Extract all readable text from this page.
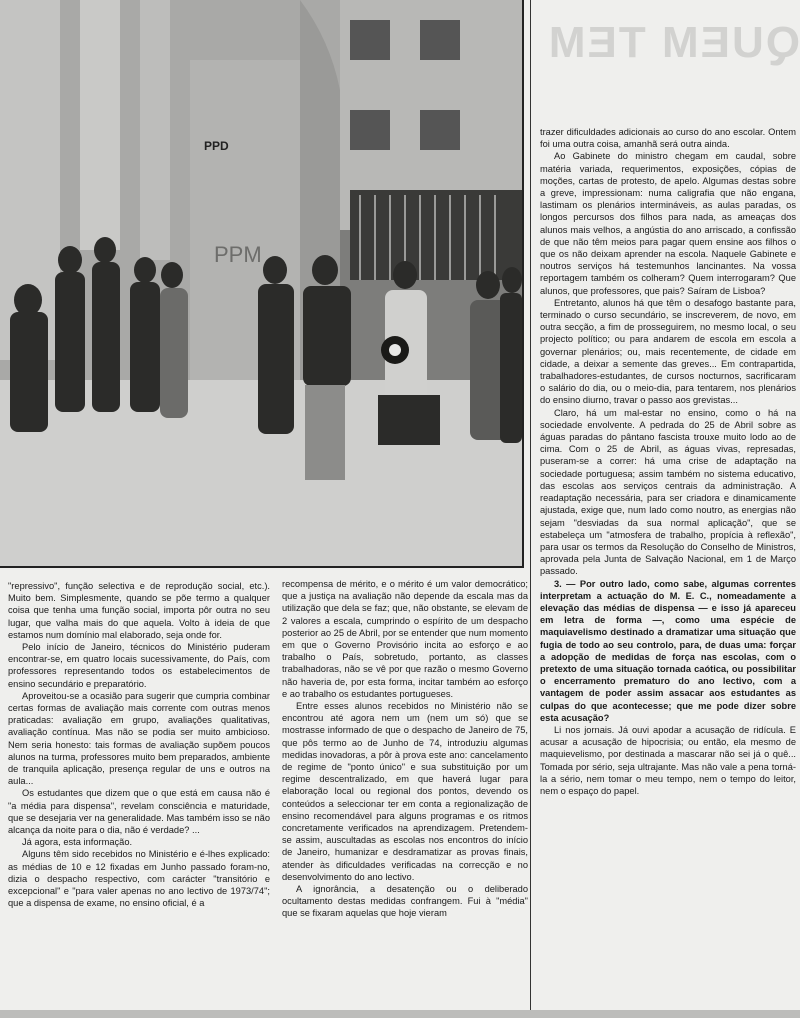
PPD
PPM
QUEM TEM

"repressivo", função selectiva e de reprodução social, etc.). Muito bem. Simplesmente, quando se põe termo a qualquer coisa que tenha uma função social, importa pôr outra no seu lugar, que valha mais do que aquela. Volto à ideia de que estamos num domínio mal elaborado, seja onde for.

Pelo início de Janeiro, técnicos do Ministério puderam encontrar-se, em quatro locais sucessivamente, do País, com professores representando todos os estabelecimentos de ensino secundário e preparatório.

Aproveitou-se a ocasião para sugerir que cumpria combinar certas formas de avaliação mais corrente com outras menos praticadas: avaliação em grupo, avaliações qualitativas, avaliação contínua. Mas não se podia ser muito ambicioso. Nem seria honesto: tais formas de avaliação supõem poucos alunos na turma, professores muito bem preparados, ambiente de tranquila aplicação, presença regular de uns e outros na aula...

Os estudantes que dizem que o que está em causa não é "a média para dispensa", revelam consciência e maturidade, que se desejaria ver na generalidade. Mas também isso se não alcança da noite para o dia, não é verdade? ...

Já agora, esta informação.

Alguns têm sido recebidos no Ministério e é-lhes explicado: as médias de 10 e 12 fixadas em Junho passado foram-no, dizia o despacho respectivo, com carácter "transitório e excepcional" e "para valer apenas no ano lectivo de 1973/74"; que a dispensa de exame, no ensino oficial, é a

recompensa de mérito, e o mérito é um valor democrático; que a justiça na avaliação não depende da escala mas da utilização que dela se faz; que, não obstante, se elevam de 2 valores a escala, cumprindo o espírito de um despacho posterior ao 25 de Abril, por se entender que num momento em que o Governo Provisório incita ao esforço e ao trabalho o País, sobretudo, portanto, as classes trabalhadoras, não se vê por que razão o mesmo Governo não haveria de, por esta forma, incitar também ao esforço e ao trabalho os estudantes portugueses.

Entre esses alunos recebidos no Ministério não se encontrou até agora nem um (nem um só) que se mostrasse informado de que o despacho de Janeiro de 75, que pôs termo ao de Junho de 74, introduziu algumas medidas inovadoras, a pôr à prova este ano: cancelamento de regime de "ponto único" e sua substituição por um regime descentralizado, em que haverá lugar para elaboração local ou regional dos pontos, devendo os conteúdos a seleccionar ter em conta a regionalização de ensino recomendável para alguns programas e os ritmos concretamente verificados na aprendizagem. Pretendem-se assim, auscultadas as escolas nos encontros do início de Janeiro, humanizar e desdramatizar as provas finais, atender às dificuldades verificadas na correcção e no desenvolvimento do ano lectivo.

A ignorância, a desatenção ou o deliberado ocultamento destas medidas confrangem. Fui à "média" que se fixaram aquelas que hoje vieram

trazer dificuldades adicionais ao curso do ano escolar. Ontem foi uma outra coisa, amanhã será outra ainda.

Ao Gabinete do ministro chegam em caudal, sobre matéria variada, requerimentos, exposições, cópias de moções, cartas de protesto, de apelo. Algumas destas sobre a greve, impressionam: numa caligrafia que não engana, lastimam os plenários intermináveis, as aulas paradas, os longos percursos dos filhos para nada, as ameaças dos alunos mais velhos, a angústia do ano arriscado, a confissão de que não têm meios para pagar quem ensine aos filhos o que os não deixam aprender na escola. Naquele Gabinete e noutros serviços há testemunhos lancinantes. Na vossa reportagem também os colheram? Quem interrogaram? Que alunos, que professores, que pais? Saíram de Lisboa?

Entretanto, alunos há que têm o desafogo bastante para, terminado o curso secundário, se inscreverem, de novo, em outra secção, a fim de prosseguirem, no mesmo local, o seu projecto político; ou para andarem de escola em escola a governar plenários; ou, mais recentemente, de cidade em cidade, a deixar a semente das greves... Em contrapartida, trabalhadores-estudantes, de cursos nocturnos, sacrificaram o salário do dia, ou o meio-dia, para tentarem, nos plenários do ensino diurno, travar o passo aos grevistas...

Claro, há um mal-estar no ensino, como o há na sociedade envolvente. A pedrada do 25 de Abril sobre as águas paradas do pântano fascista trouxe muito lodo ao de cima. Com o 25 de Abril, as águas vivas, represadas, puseram-se a correr: há uma crise de adaptação na sociedade portuguesa; assim também no sistema educativo, das escolas aos serviços centrais da administração. A readaptação necessária, para ser criadora e dinamicamente ajustada, exige que, num lado como noutro, as energias não sejam "desviadas da sua normal aplicação", que se estabeleça um "atmosfera de trabalho, propícia à reflexão", para usar os termos da Resolução do Conselho de Ministros, aprovada pela Junta de Salvação Nacional, em 1 de Março passado.

3. — Por outro lado, como sabe, algumas correntes interpretam a actuação do M. E. C., nomeadamente a elevação das médias de dispensa — e isso já apareceu em letra de forma —, como uma espécie de maquiavelismo destinado a dramatizar uma situação que fugia de todo ao seu controlo, para, de duas uma: forçar a adopção de medidas de força nas escolas, com o pretexto de uma situação tornada caótica, ou possibilitar o encerramento prematuro do ano lectivo, com a vantagem de poder assim assacar aos estudantes as culpas do que acontecesse; que me pode dizer sobre esta acusação?

Li nos jornais. Já ouvi apodar a acusação de ridícula. E acusar a acusação de hipocrisia; ou então, ela mesmo de maquievelismo, por destinada a mascarar não sei já o quê... Tomada por sério, seja ultrajante. Mas não vale a pena torná-la a sério, nem tomar o meu tempo, nem o tempo do leitor, nem o espaço do papel.
